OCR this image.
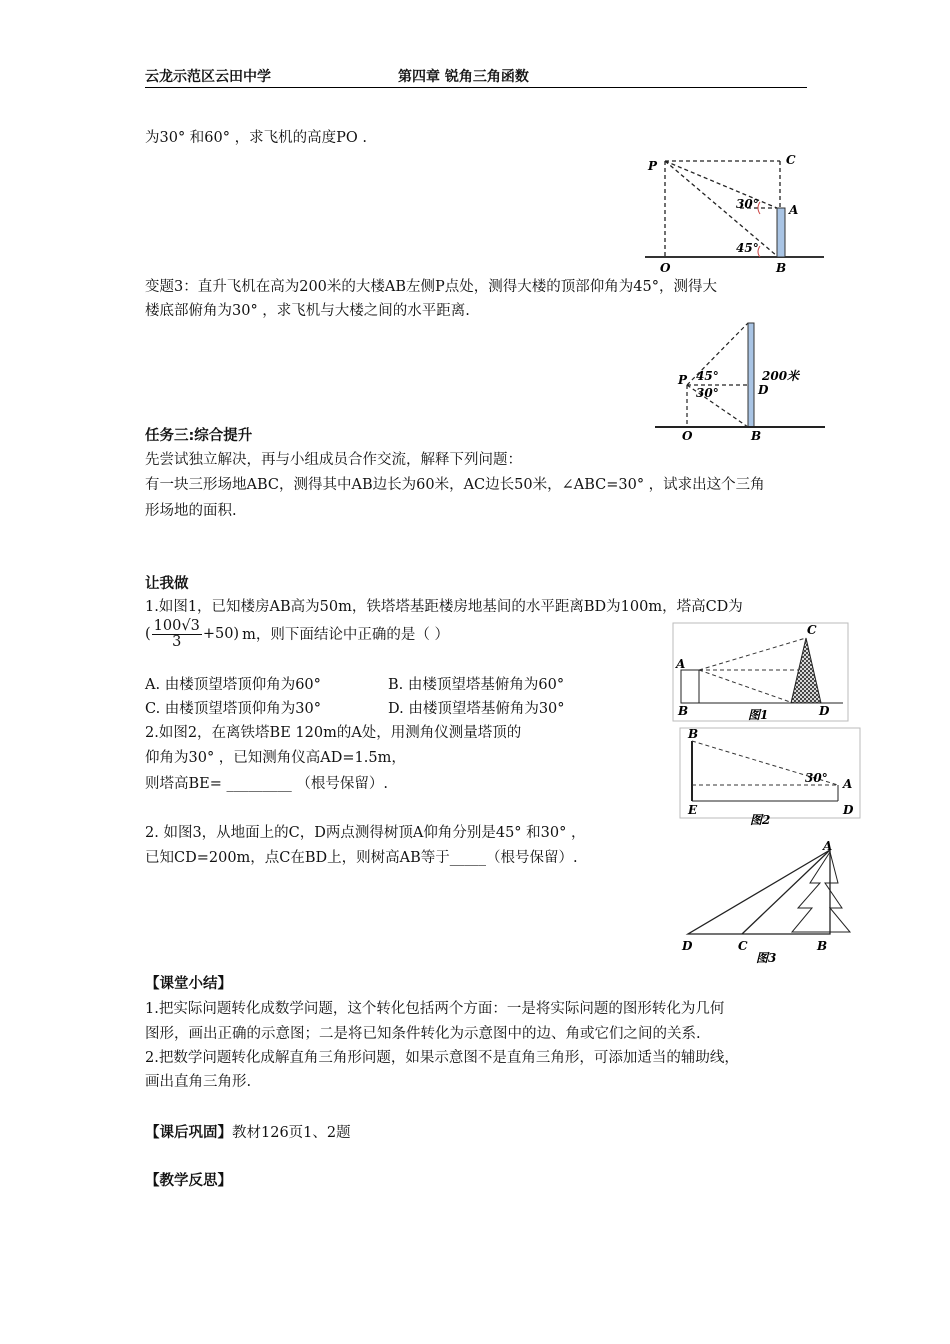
云龙示范区云田中学	第四章 锐角三角函数
为30° 和60° ，求飞机的高度PO .
变题3：直升飞机在高为200米的大楼AB左侧P点处，测得大楼的顶部仰角为45°，测得大
楼底部俯角为30° ，求飞机与大楼之间的水平距离.
任务三:综合提升
先尝试独立解决，再与小组成员合作交流，解释下列问题：
有一块三形场地ABC，测得其中AB边长为60米，AC边长50米，∠ABC=30° ，试求出这个三角
形场地的面积.
让我做
1.如图1，已知楼房AB高为50m，铁塔塔基距楼房地基间的水平距离BD为100m，塔高CD为
( $\frac{100√3}{3} +50$) m，则下面结论中正确的是（ ）
A. 由楼顶望塔顶仰角为60°	B. 由楼顶望塔基俯角为60°
C. 由楼顶望塔顶仰角为30°	D. 由楼顶望塔基俯角为30°
2.如图2，在离铁塔BE 120m的A处，用测角仪测量塔顶的
仰角为30° ，已知测角仪高AD=1.5m，
则塔高BE= _________ （根号保留）.
2. 如图3，从地面上的C，D两点测得树顶A仰角分别是45° 和30° ，
已知CD=200m，点C在BD上，则树高AB等于_____（根号保留）.
【课堂小结】
1.把实际问题转化成数学问题，这个转化包括两个方面：一是将实际问题的图形转化为几何
图形，画出正确的示意图；二是将已知条件转化为示意图中的边、角或它们之间的关系.
2.把数学问题转化成解直角三角形问题，如果示意图不是直角三角形，可添加适当的辅助线，
画出直角三角形.
【课后巩固】教材126页1、2题
【教学反思】
P	C
A
30°
45°
O	B
P 45°
30°	D
200米
O	B
A
C
B	D
图1
B
E
A
D
30°
图2
A
D	C	B
图3
